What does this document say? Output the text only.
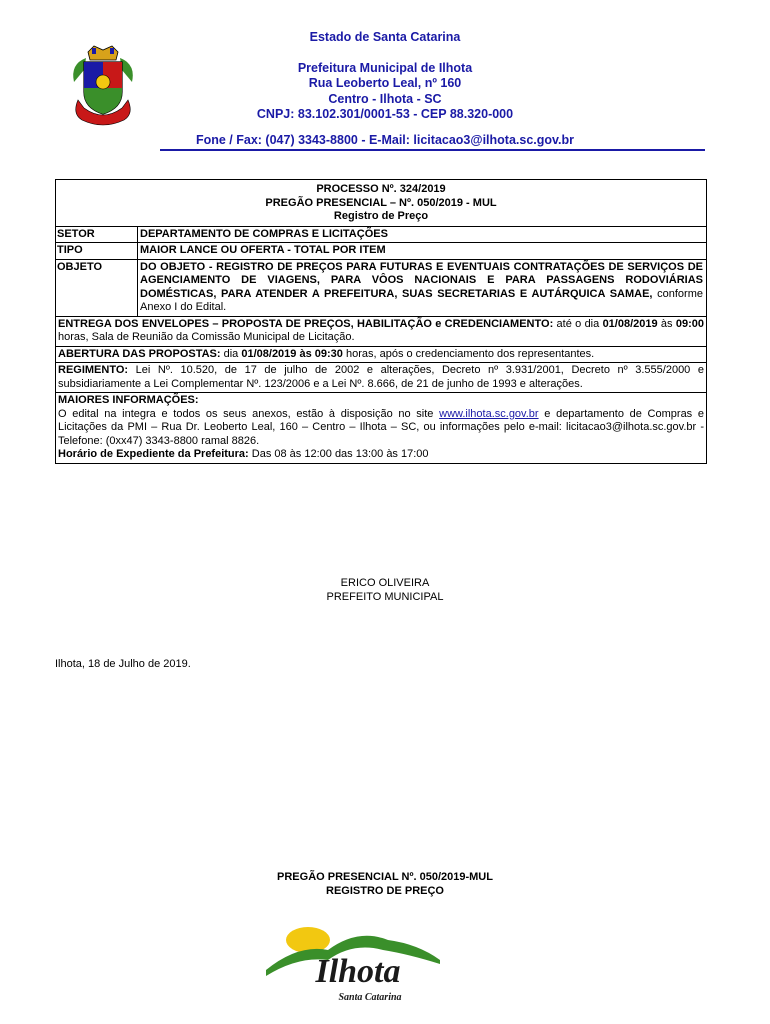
Estado de Santa Catarina
Prefeitura Municipal de Ilhota
Rua Leoberto Leal, nº 160
Centro - Ilhota - SC
CNPJ: 83.102.301/0001-53 - CEP 88.320-000
Fone / Fax: (047) 3343-8800 - E-Mail: licitacao3@ilhota.sc.gov.br
PROCESSO Nº. 324/2019
PREGÃO PRESENCIAL – Nº. 050/2019 - MUL
Registro de Preço
SETOR	DEPARTAMENTO DE COMPRAS E LICITAÇÕES
TIPO	MAIOR LANCE OU OFERTA - TOTAL POR ITEM
OBJETO	DO OBJETO - REGISTRO DE PREÇOS PARA FUTURAS E EVENTUAIS CONTRATAÇÕES DE SERVIÇOS DE AGENCIAMENTO DE VIAGENS, PARA VÔOS NACIONAIS E PARA PASSAGENS RODOVIÁRIAS DOMÉSTICAS, PARA ATENDER A PREFEITURA, SUAS SECRETARIAS E AUTÁRQUICA SAMAE, conforme Anexo I do Edital.
ENTREGA DOS ENVELOPES – PROPOSTA DE PREÇOS, HABILITAÇÃO e CREDENCIAMENTO: até o dia 01/08/2019 às 09:00 horas, Sala de Reunião da Comissão Municipal de Licitação.
ABERTURA DAS PROPOSTAS: dia 01/08/2019 às 09:30 horas, após o credenciamento dos representantes.
REGIMENTO: Lei Nº. 10.520, de 17 de julho de 2002 e alterações, Decreto nº 3.931/2001, Decreto nº 3.555/2000 e subsidiariamente a Lei Complementar Nº. 123/2006 e a Lei Nº. 8.666, de 21 de junho de 1993 e alterações.
MAIORES INFORMAÇÕES:
O edital na integra e todos os seus anexos, estão à disposição no site www.ilhota.sc.gov.br e departamento de Compras e Licitações da PMI – Rua Dr. Leoberto Leal, 160 – Centro – Ilhota – SC, ou informações pelo e-mail: licitacao3@ilhota.sc.gov.br - Telefone: (0xx47) 3343-8800 ramal 8826.
Horário de Expediente da Prefeitura: Das 08 às 12:00 das 13:00 às 17:00
ERICO OLIVEIRA
PREFEITO MUNICIPAL
Ilhota, 18 de Julho de 2019.
PREGÃO PRESENCIAL Nº. 050/2019-MUL
REGISTRO DE PREÇO
Ilhota
Santa Catarina
